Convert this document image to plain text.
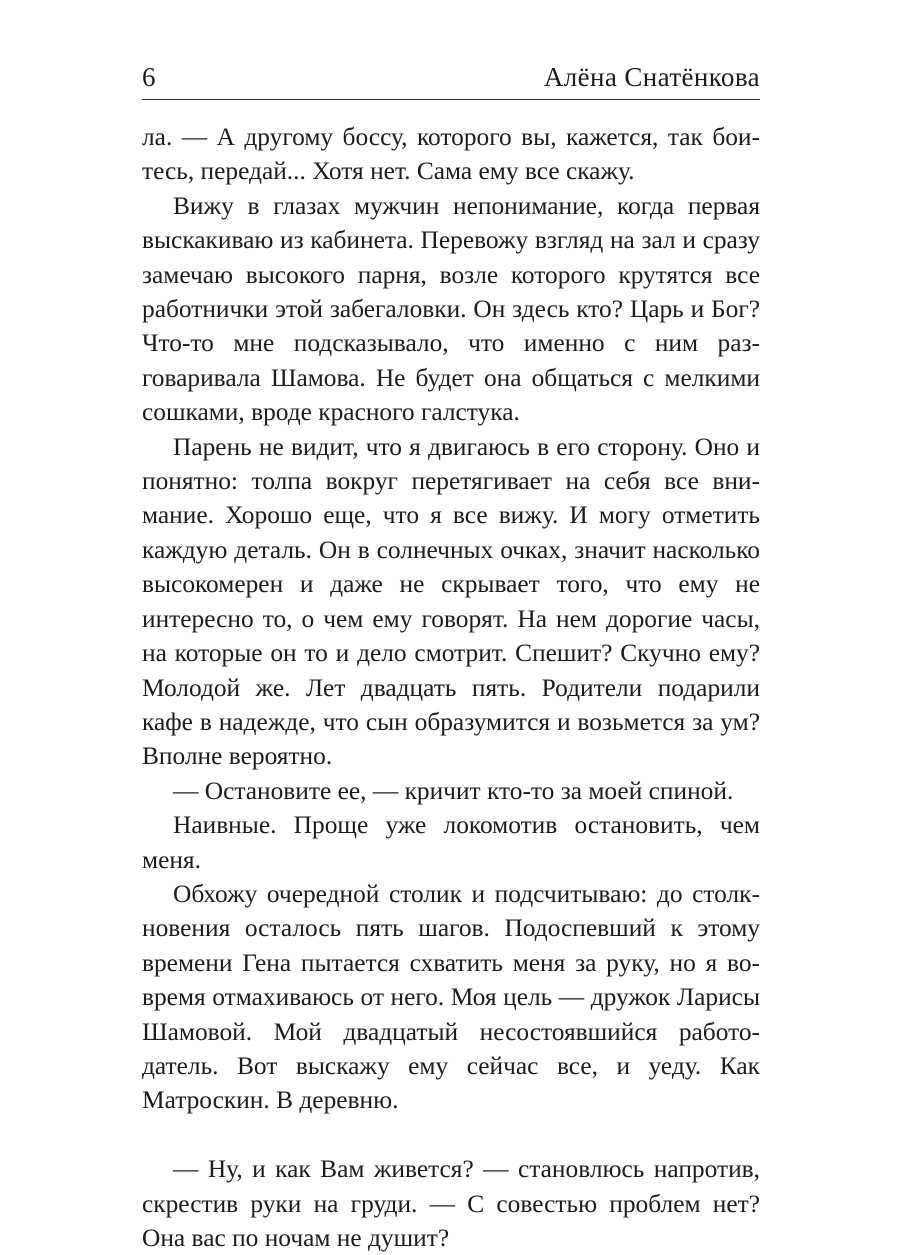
6	Алёна Снатёнкова

ла. — А другому боссу, которого вы, кажется, так боитесь, передай... Хотя нет. Сама ему все скажу.

Вижу в глазах мужчин непонимание, когда первая выскакиваю из кабинета. Перевожу взгляд на зал и сразу замечаю высокого парня, возле которого крутятся все работнички этой забегаловки. Он здесь кто? Царь и Бог? Что-то мне подсказывало, что именно с ним разговаривала Шамова. Не будет она общаться с мелкими сошками, вроде красного галстука.

Парень не видит, что я двигаюсь в его сторону. Оно и понятно: толпа вокруг перетягивает на себя все внимание. Хорошо еще, что я все вижу. И могу отметить каждую деталь. Он в солнечных очках, значит насколько высокомерен и даже не скрывает того, что ему не интересно то, о чем ему говорят. На нем дорогие часы, на которые он то и дело смотрит. Спешит? Скучно ему? Молодой же. Лет двадцать пять. Родители подарили кафе в надежде, что сын образумится и возьмется за ум? Вполне вероятно.

— Остановите ее, — кричит кто-то за моей спиной.

Наивные. Проще уже локомотив остановить, чем меня.

Обхожу очередной столик и подсчитываю: до столкновения осталось пять шагов. Подоспевший к этому времени Гена пытается схватить меня за руку, но я вовремя отмахиваюсь от него. Моя цель — дружок Ларисы Шамовой. Мой двадцатый несостоявшийся работодатель. Вот выскажу ему сейчас все, и уеду. Как Матроскин. В деревню.

— Ну, и как Вам живется? — становлюсь напротив, скрестив руки на груди. — С совестью проблем нет? Она вас по ночам не душит?
